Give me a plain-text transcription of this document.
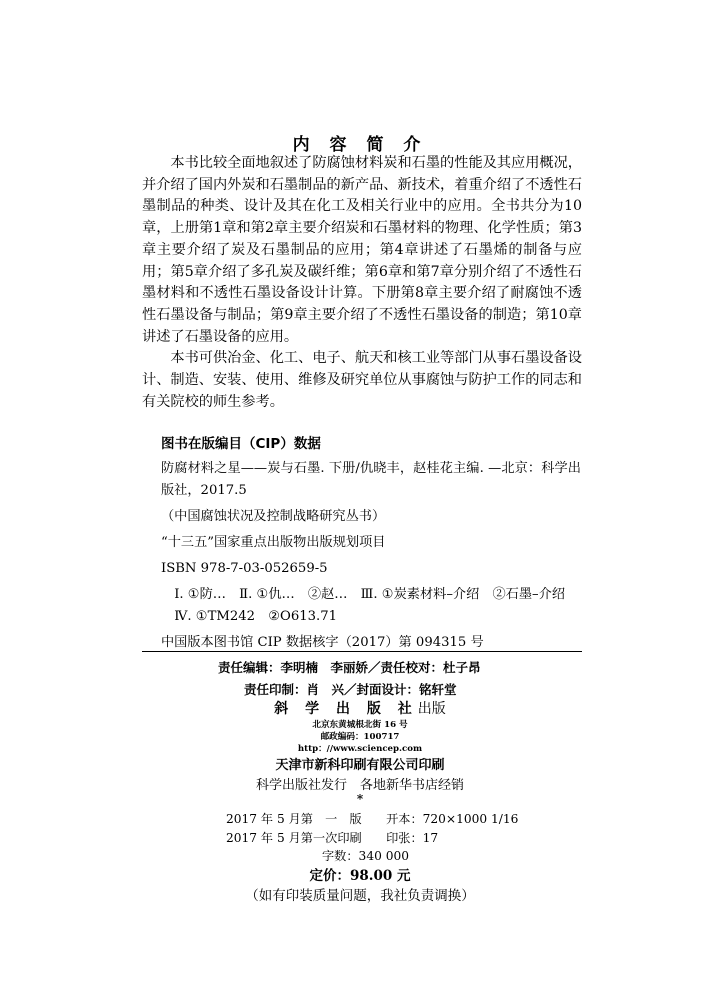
内 容 简 介

本书比较全面地叙述了防腐蚀材料炭和石墨的性能及其应用概况，并介绍了国内外炭和石墨制品的新产品、新技术，着重介绍了不透性石墨制品的种类、设计及其在化工及相关行业中的应用。全书共分为10章，上册第1章和第2章主要介绍炭和石墨材料的物理、化学性质；第3章主要介绍了炭及石墨制品的应用；第4章讲述了石墨烯的制备与应用；第5章介绍了多孔炭及碳纤维；第6章和第7章分别介绍了不透性石墨材料和不透性石墨设备设计计算。下册第8章主要介绍了耐腐蚀不透性石墨设备与制品；第9章主要介绍了不透性石墨设备的制造；第10章讲述了石墨设备的应用。

本书可供冶金、化工、电子、航天和核工业等部门从事石墨设备设计、制造、安装、使用、维修及研究单位从事腐蚀与防护工作的同志和有关院校的师生参考。

图书在版编目（CIP）数据

防腐材料之星——炭与石墨. 下册/仇晓丰，赵桂花主编. —北京：科学出版社，2017.5

（中国腐蚀状况及控制战略研究丛书）

“十三五”国家重点出版物出版规划项目

ISBN 978-7-03-052659-5

Ⅰ. ①防…　Ⅱ. ①仇…　②赵…　Ⅲ. ①炭素材料–介绍　②石墨–介绍

Ⅳ. ①TM242　②O613.71

中国版本图书馆 CIP 数据核字（2017）第 094315 号

责任编辑：李明楠　李丽娇／责任校对：杜子昂
责任印制：肖　兴／封面设计：铭轩堂
斜 学 出 版 社出版
北京东黄城根北街 16 号
邮政编码：100717
http：//www.sciencep.com
天津市新科印刷有限公司印刷
科学出版社发行　各地新华书店经销
*
2017 年 5 月第　一　版　　开本：720×1000 1/16
2017 年 5 月第一次印刷　　印张：17
字数：340 000
定价：98.00 元
（如有印装质量问题，我社负责调换）
